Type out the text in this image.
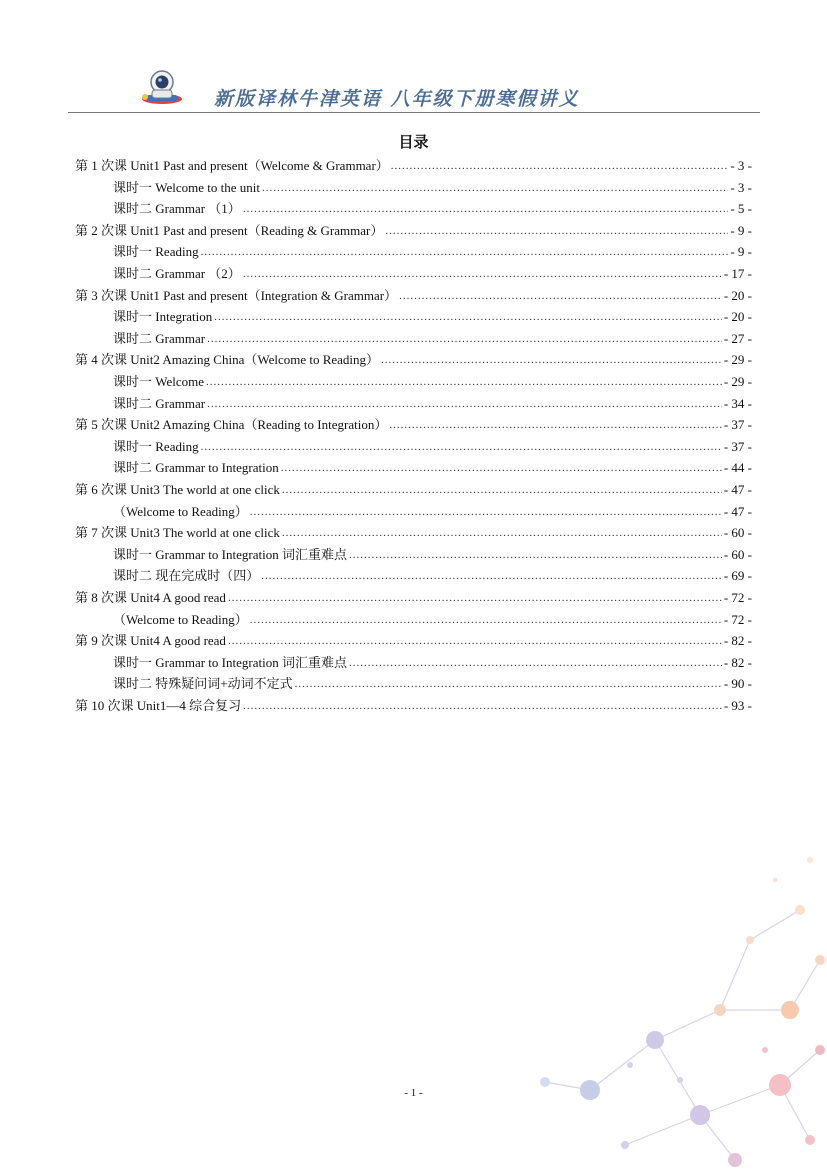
新版译林牛津英语 八年级下册寒假讲义
目录
第 1 次课 Unit1 Past and present（Welcome & Grammar） .....	- 3 -
课时一 Welcome to the unit .....	- 3 -
课时二 Grammar （1） .....	- 5 -
第 2 次课 Unit1 Past and present（Reading & Grammar） .....	- 9 -
课时一 Reading .....	- 9 -
课时二 Grammar （2） .....	- 17 -
第 3 次课 Unit1 Past and present（Integration & Grammar） .....	- 20 -
课时一 Integration .....	- 20 -
课时二 Grammar .....	- 27 -
第 4 次课 Unit2 Amazing China（Welcome to Reading） .....	- 29 -
课时一 Welcome .....	- 29 -
课时二 Grammar .....	- 34 -
第 5 次课 Unit2 Amazing China（Reading to Integration） .....	- 37 -
课时一 Reading .....	- 37 -
课时二 Grammar to Integration .....	- 44 -
第 6 次课 Unit3 The world at one click .....	- 47 -
（Welcome to Reading） .....	- 47 -
第 7 次课 Unit3 The world at one click .....	- 60 -
课时一 Grammar to Integration 词汇重难点 .....	- 60 -
课时二 现在完成时（四） .....	- 69 -
第 8 次课 Unit4 A good read .....	- 72 -
（Welcome to Reading） .....	- 72 -
第 9 次课 Unit4 A good read .....	- 82 -
课时一 Grammar to Integration 词汇重难点 .....	- 82 -
课时二 特殊疑问词+动词不定式 .....	- 90 -
第 10 次课 Unit1—4 综合复习 .....	- 93 -
- 1 -
